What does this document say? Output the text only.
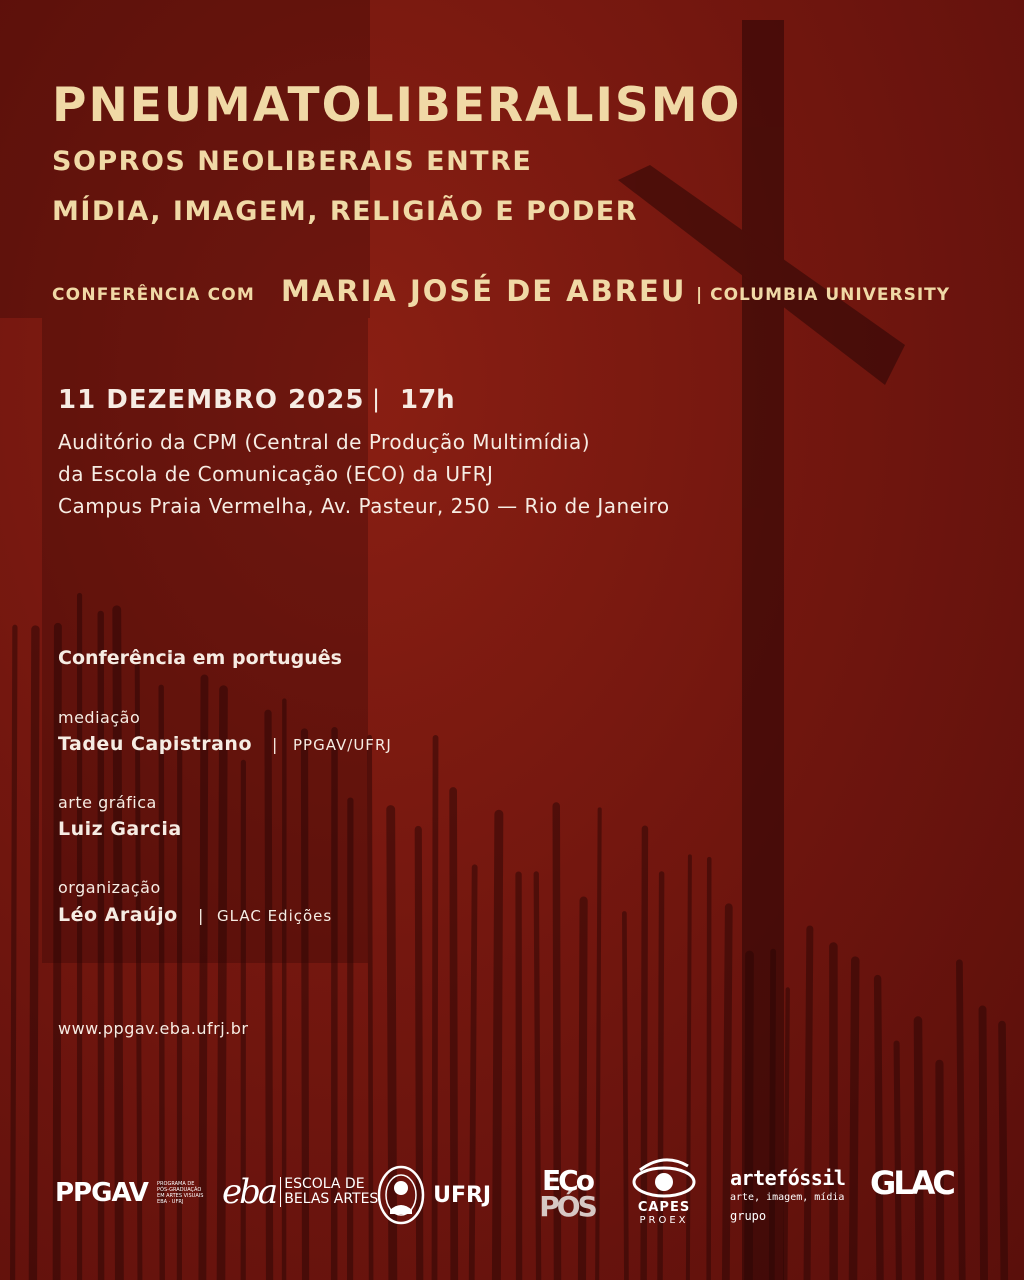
PNEUMATOLIBERALISMO
SOPROS NEOLIBERAIS ENTRE
MÍDIA, IMAGEM, RELIGIÃO E PODER
CONFERÊNCIA COM MARIA JOSÉ DE ABREU | COLUMBIA UNIVERSITY
11 DEZEMBRO 2025 | 17h
Auditório da CPM (Central de Produção Multimídia)
da Escola de Comunicação (ECO) da UFRJ
Campus Praia Vermelha, Av. Pasteur, 250 — Rio de Janeiro
Conferência em português
mediação
Tadeu Capistrano | PPGAV/UFRJ
arte gráfica
Luiz Garcia
organização
Léo Araújo | GLAC Edições
www.ppgav.eba.ufrj.br
PPGAV PROGRAMA DE
PÓS-GRADUAÇÃO
EM ARTES VISUAIS
EBA · UFRJ	eba ESCOLA DE
BELAS ARTES	UFRJ ECo
PÓS	CAPES
PROEX
artefóssil
arte, imagem, mídia
grupo
GLAC
